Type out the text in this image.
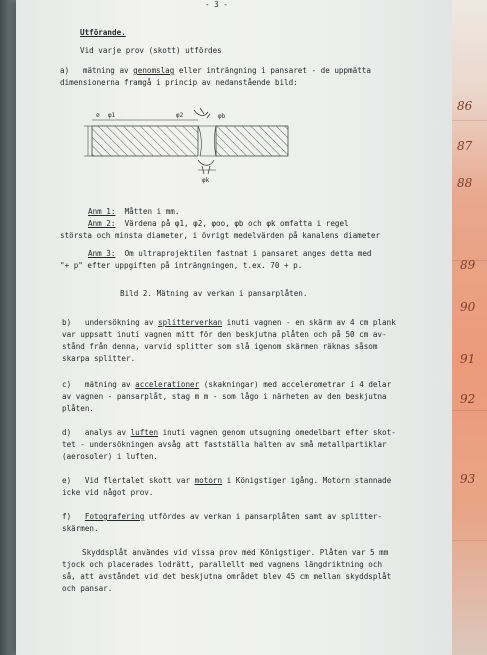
86
87
88
89
90
91
92
93
- 3 -
Utförande.
Vid varje prov (skott) utfördes
a) mätning av genomslag eller inträngning i pansaret - de uppmätta
dimensionerna framgå i princip av nedanstående bild:
⌀ φ1	φ2	φb
φk
Anm 1: Måtten i mm.
Anm 2: Värdena på φ1, φ2, φoo, φb och φk omfatta i regel
största och minsta diameter, i övrigt medelvärden på kanalens diameter
Anm 3: Om ultraprojektilen fastnat i pansaret anges detta med
"+ p" efter uppgiften på inträngningen, t.ex. 70 + p.
Bild 2. Mätning av verkan i pansarplåten.
b) undersökning av splitterverkan inuti vagnen - en skärm av 4 cm plank
var uppsatt inuti vagnen mitt för den beskjutna plåten och på 50 cm av-
stånd från denna, varvid splitter som slå igenom skärmen räknas såsom
skarpa splitter.
c) mätning av accelerationer (skakningar) med accelerometrar i 4 delar
av vagnen - pansarplåt, stag m m - som lågo i närheten av den beskjutna
plåten.
d) analys av luften inuti vagnen genom utsugning omedelbart efter skot-
tet - undersökningen avsåg att fastställa halten av små metallpartiklar
(aerosoler) i luften.
e) Vid flertalet skott var motorn i Königstiger igång. Motorn stannade
icke vid något prov.
f) Fotografering utfördes av verkan i pansarplåten samt av splitter-
skärmen.
Skyddsplåt användes vid vissa prov med Königstiger. Plåten var 5 mm
tjock och placerades lodrätt, parallellt med vagnens längdriktning och
så, att avståndet vid det beskjutna området blev 45 cm mellan skyddsplåt
och pansar.
